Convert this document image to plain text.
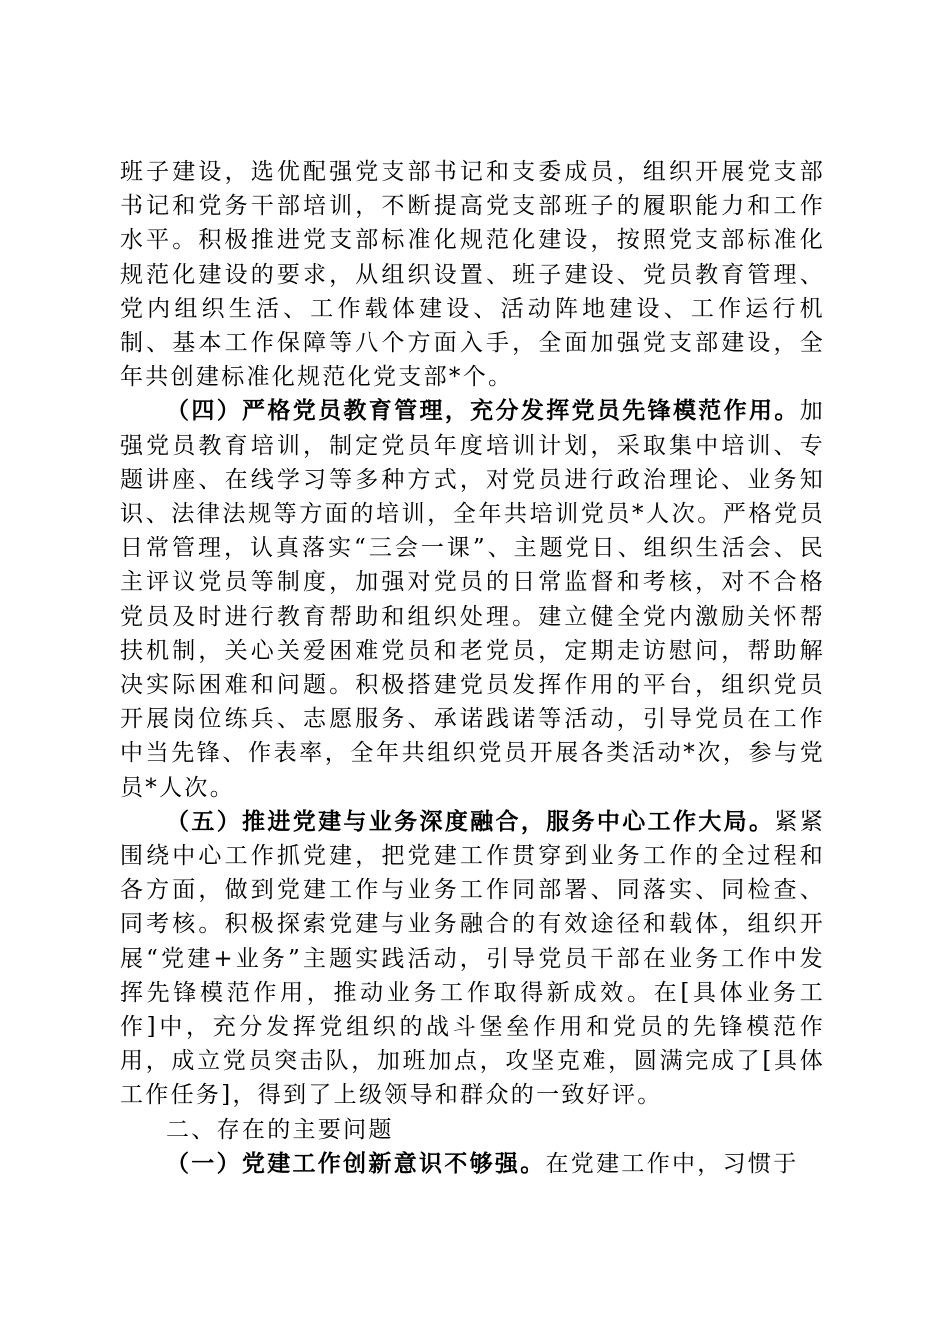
班子建设，选优配强党支部书记和支委成员，组织开展党支部书记和党务干部培训，不断提高党支部班子的履职能力和工作水平。积极推进党支部标准化规范化建设，按照党支部标准化规范化建设的要求，从组织设置、班子建设、党员教育管理、党内组织生活、工作载体建设、活动阵地建设、工作运行机制、基本工作保障等八个方面入手，全面加强党支部建设，全年共创建标准化规范化党支部*个。

（四）严格党员教育管理，充分发挥党员先锋模范作用。加强党员教育培训，制定党员年度培训计划，采取集中培训、专题讲座、在线学习等多种方式，对党员进行政治理论、业务知识、法律法规等方面的培训，全年共培训党员*人次。严格党员日常管理，认真落实“三会一课”、主题党日、组织生活会、民主评议党员等制度，加强对党员的日常监督和考核，对不合格党员及时进行教育帮助和组织处理。建立健全党内激励关怀帮扶机制，关心关爱困难党员和老党员，定期走访慰问，帮助解决实际困难和问题。积极搭建党员发挥作用的平台，组织党员开展岗位练兵、志愿服务、承诺践诺等活动，引导党员在工作中当先锋、作表率，全年共组织党员开展各类活动*次，参与党员*人次。

（五）推进党建与业务深度融合，服务中心工作大局。紧紧围绕中心工作抓党建，把党建工作贯穿到业务工作的全过程和各方面，做到党建工作与业务工作同部署、同落实、同检查、同考核。积极探索党建与业务融合的有效途径和载体，组织开展“党建+业务”主题实践活动，引导党员干部在业务工作中发挥先锋模范作用，推动业务工作取得新成效。在[具体业务工作]中，充分发挥党组织的战斗堡垒作用和党员的先锋模范作用，成立党员突击队，加班加点，攻坚克难，圆满完成了[具体工作任务]，得到了上级领导和群众的一致好评。

二、存在的主要问题

（一）党建工作创新意识不够强。在党建工作中，习惯于
